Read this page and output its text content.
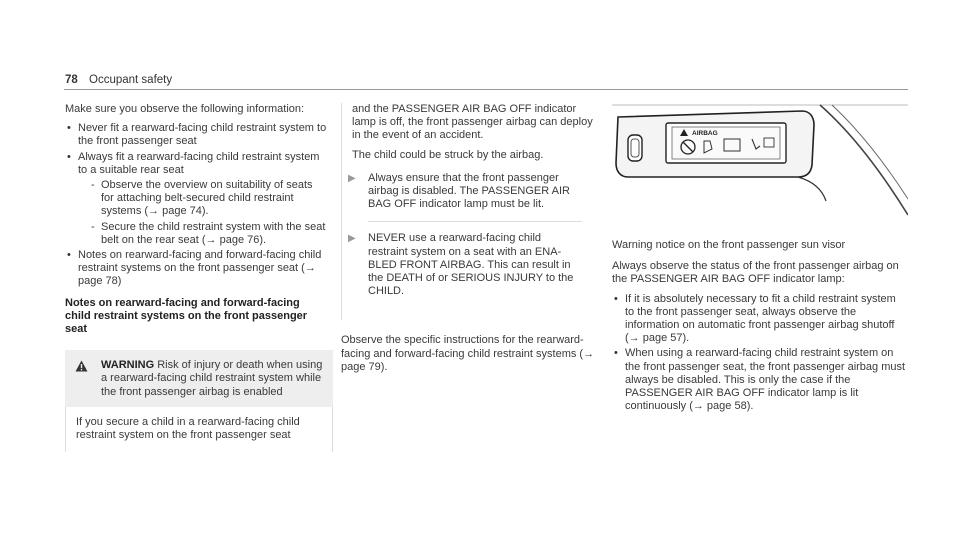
78 Occupant safety

Make sure you observe the following information:

• Never fit a rearward-facing child restraint system to the front passenger seat
• Always fit a rearward-facing child restraint system to a suitable rear seat
- Observe the overview on suitability of seats for attaching belt-secured child restraint systems (→ page 74).
- Secure the child restraint system with the seat belt on the rear seat (→ page 76).
• Notes on rearward-facing and forward-facing child restraint systems on the front passenger seat (→ page 78)
Notes on rearward-facing and forward-facing child restraint systems on the front passenger seat
WARNING Risk of injury or death when using a rearward-facing child restraint system while the front passenger airbag is enabled
If you secure a child in a rearward-facing child restraint system on the front passenger seat

and the PASSENGER AIR BAG OFF indicator lamp is off, the front passenger airbag can deploy in the event of an accident.

The child could be struck by the airbag.

▶	Always ensure that the front passenger airbag is disabled. The PASSENGER AIR BAG OFF indicator lamp must be lit.
▶	NEVER use a rearward-facing child restraint system on a seat with an ENABLED FRONT AIRBAG. This can result in the DEATH of or SERIOUS INJURY to the CHILD.

Observe the specific instructions for the rearward-facing and forward-facing child restraint systems (→ page 79).

AIRBAG
Warning notice on the front passenger sun visor

Always observe the status of the front passenger airbag on the PASSENGER AIR BAG OFF indicator lamp:

• If it is absolutely necessary to fit a child restraint system to the front passenger seat, always observe the information on automatic front passenger airbag shutoff (→ page 57).
• When using a rearward-facing child restraint system on the front passenger seat, the front passenger airbag must always be disabled. This is only the case if the PASSENGER AIR BAG OFF indicator lamp is lit continuously (→ page 58).
